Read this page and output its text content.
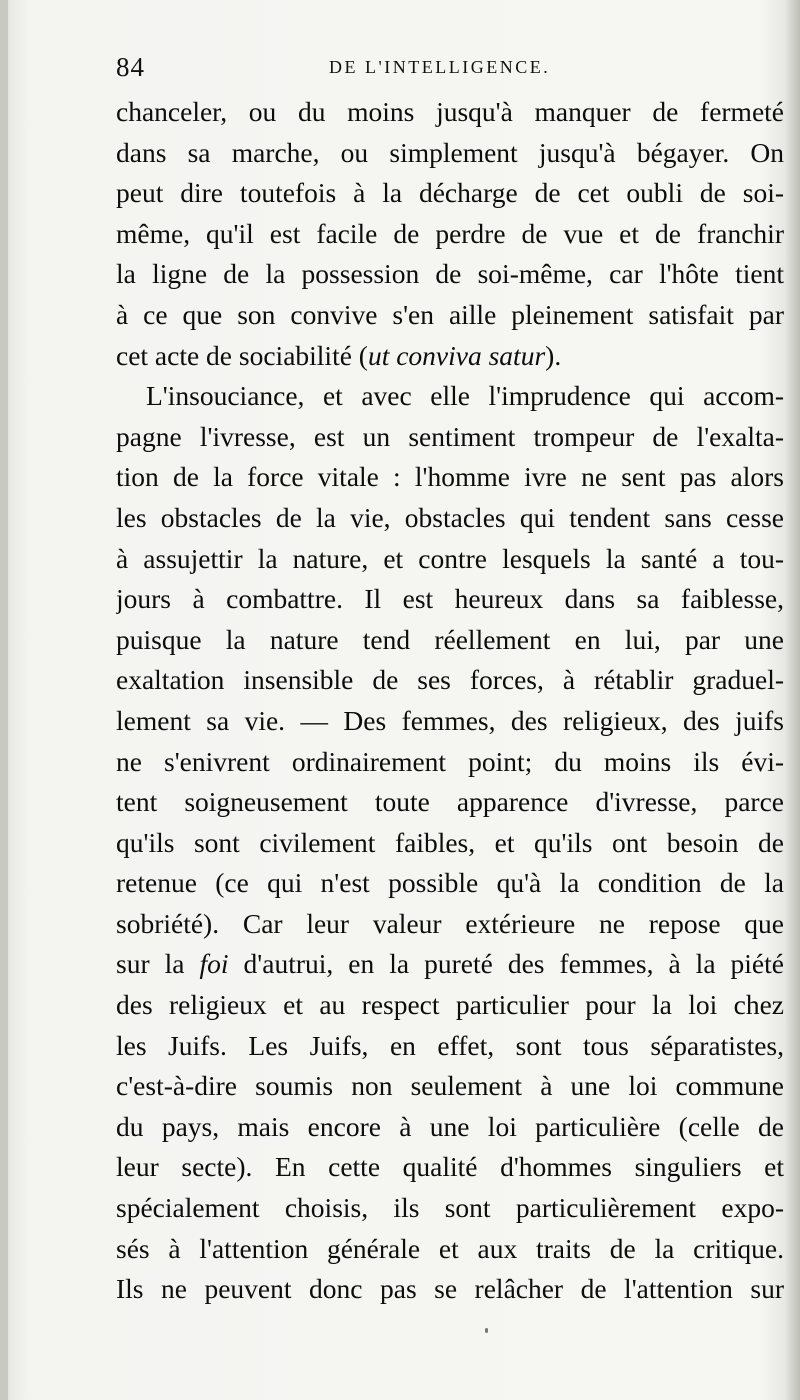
84	DE L'INTELLIGENCE.
chanceler, ou du moins jusqu'à manquer de fermeté
dans sa marche, ou simplement jusqu'à bégayer. On
peut dire toutefois à la décharge de cet oubli de soi-
même, qu'il est facile de perdre de vue et de franchir
la ligne de la possession de soi-même, car l'hôte tient
à ce que son convive s'en aille pleinement satisfait par
cet acte de sociabilité (ut conviva satur).
L'insouciance, et avec elle l'imprudence qui accom-
pagne l'ivresse, est un sentiment trompeur de l'exalta-
tion de la force vitale : l'homme ivre ne sent pas alors
les obstacles de la vie, obstacles qui tendent sans cesse
à assujettir la nature, et contre lesquels la santé a tou-
jours à combattre. Il est heureux dans sa faiblesse,
puisque la nature tend réellement en lui, par une
exaltation insensible de ses forces, à rétablir graduel-
lement sa vie. — Des femmes, des religieux, des juifs
ne s'enivrent ordinairement point; du moins ils évi-
tent soigneusement toute apparence d'ivresse, parce
qu'ils sont civilement faibles, et qu'ils ont besoin de
retenue (ce qui n'est possible qu'à la condition de la
sobriété). Car leur valeur extérieure ne repose que
sur la foi d'autrui, en la pureté des femmes, à la piété
des religieux et au respect particulier pour la loi chez
les Juifs. Les Juifs, en effet, sont tous séparatistes,
c'est-à-dire soumis non seulement à une loi commune
du pays, mais encore à une loi particulière (celle de
leur secte). En cette qualité d'hommes singuliers et
spécialement choisis, ils sont particulièrement expo-
sés à l'attention générale et aux traits de la critique.
Ils ne peuvent donc pas se relâcher de l'attention sur
